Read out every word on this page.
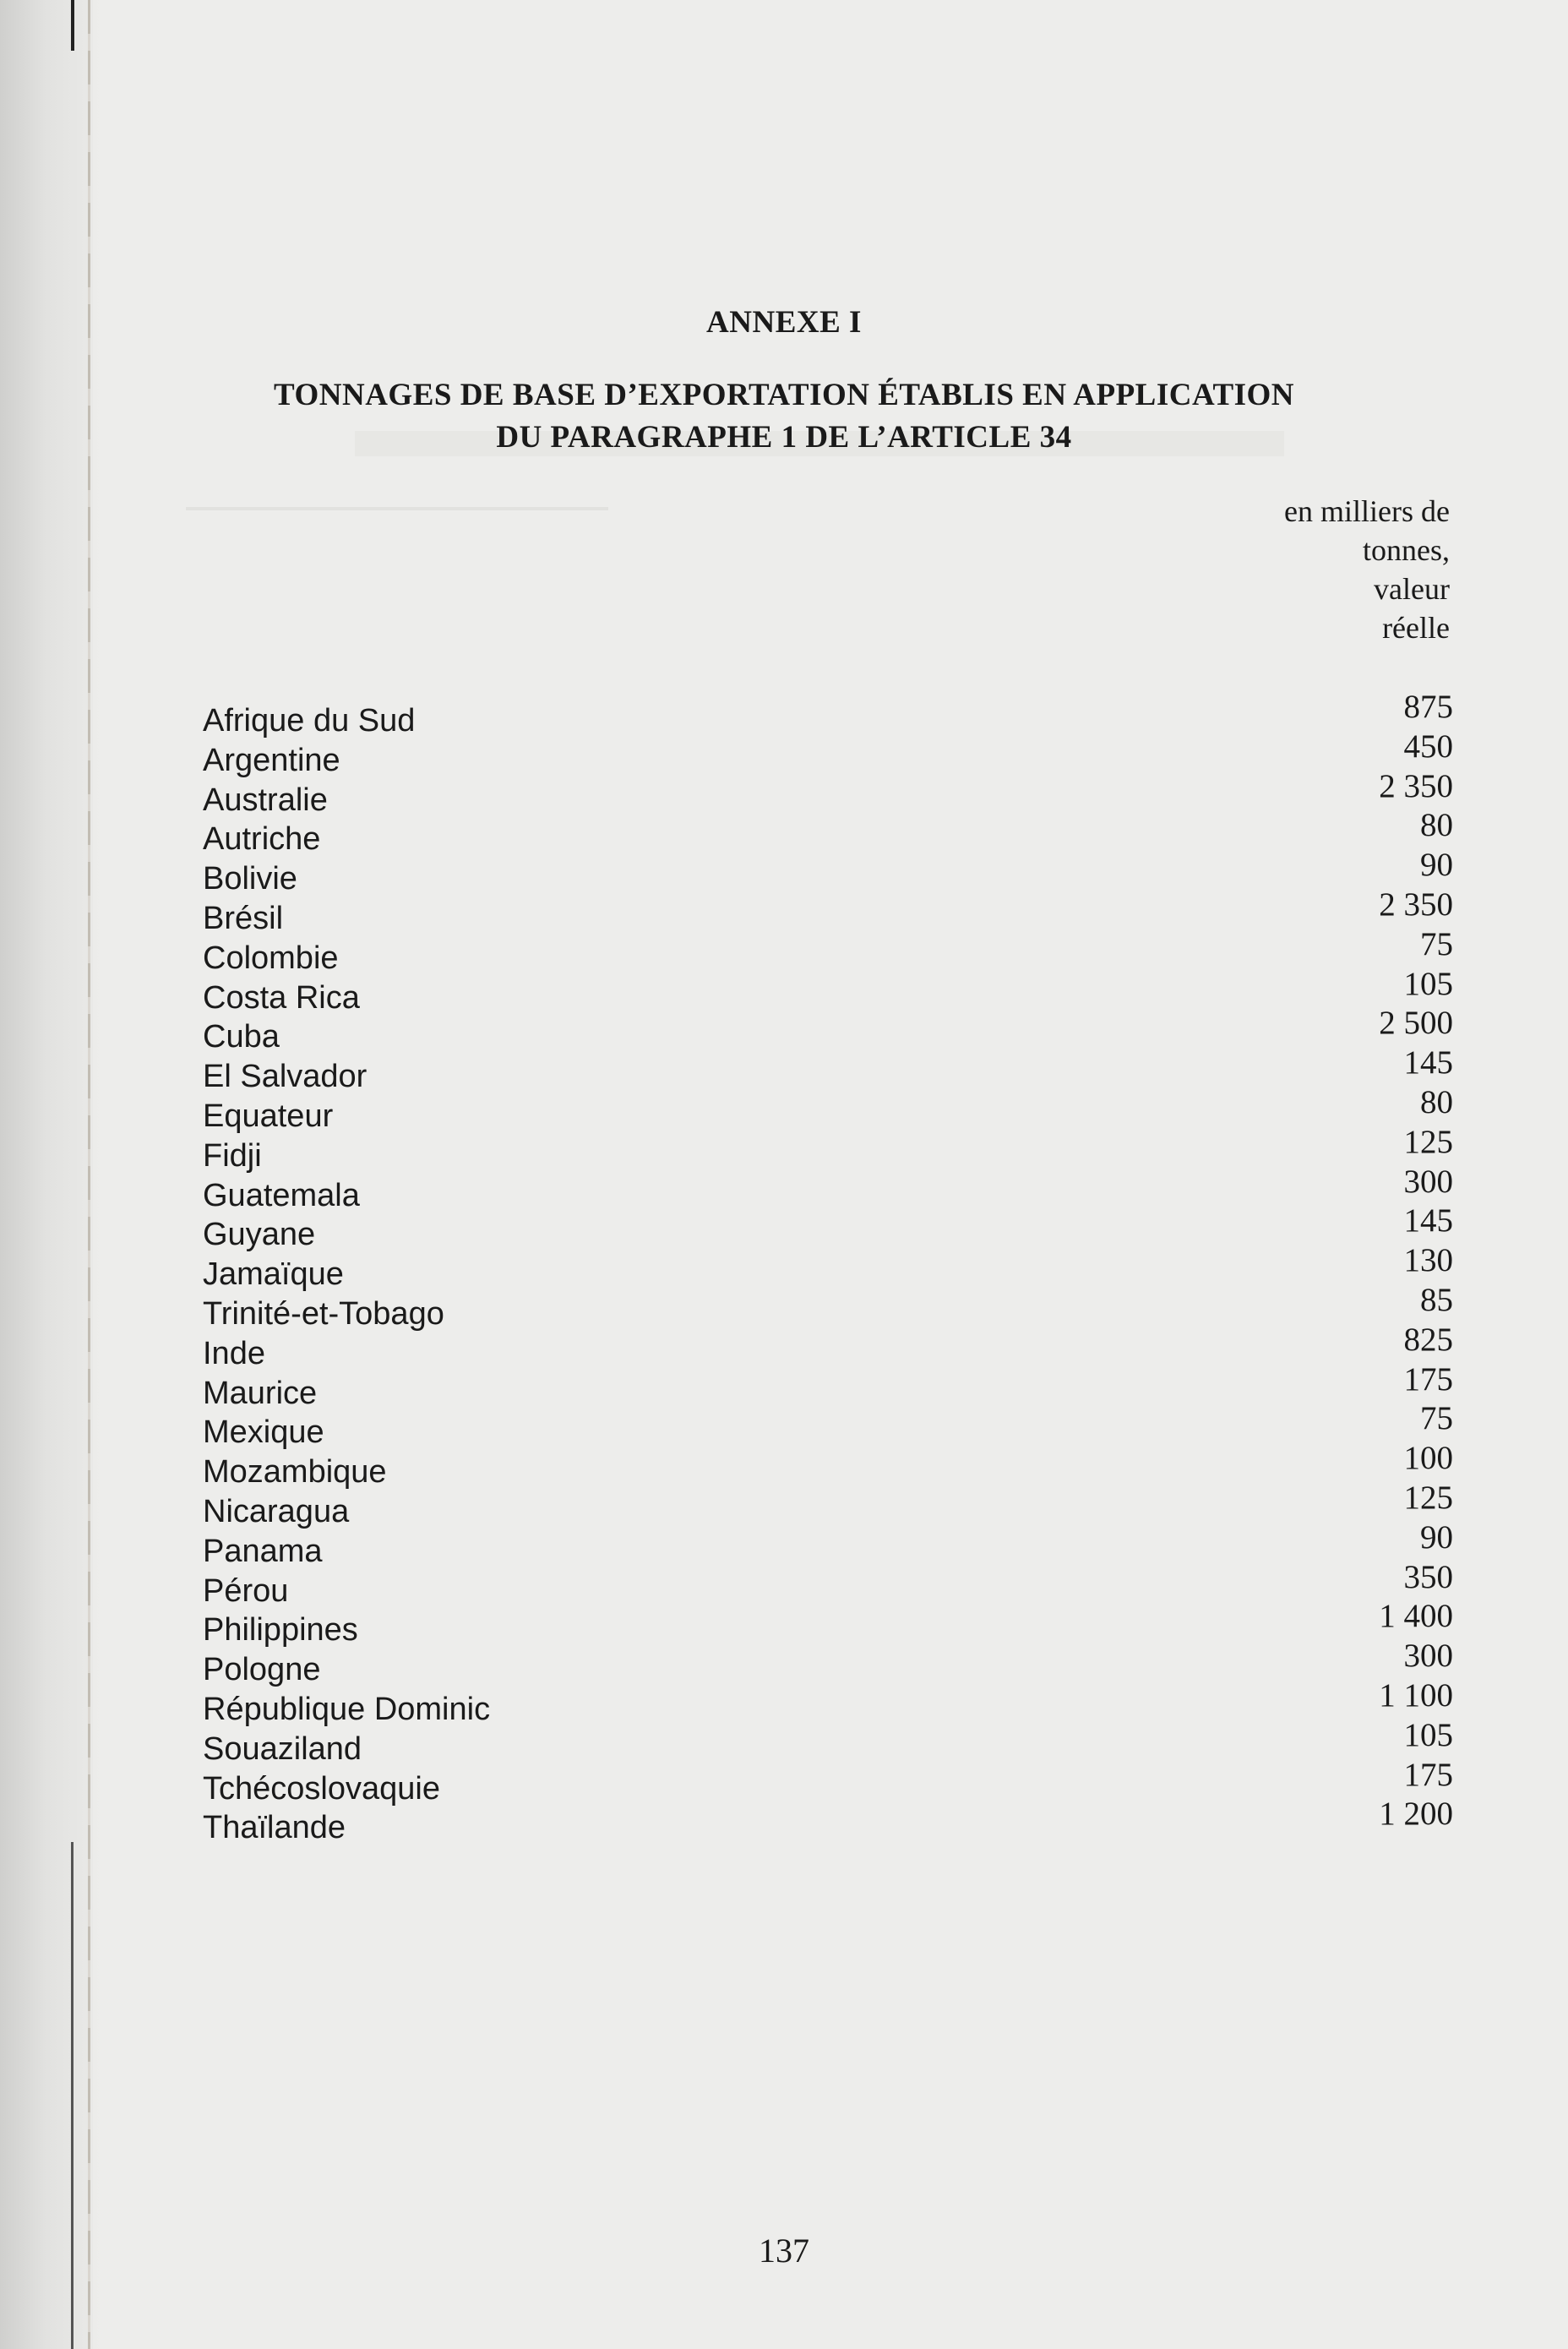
ANNEXE I
TONNAGES DE BASE D’EXPORTATION ÉTABLIS EN APPLICATION
DU PARAGRAPHE 1 DE L’ARTICLE 34
en milliers de
tonnes,
valeur
réelle
Afrique du Sud	875
Argentine	450
Australie	2 350
Autriche	80
Bolivie	90
Brésil	2 350
Colombie	75
Costa Rica	105
Cuba	2 500
El Salvador	145
Equateur	80
Fidji	125
Guatemala	300
Guyane	145
Jamaïque	130
Trinité-et-Tobago	85
Inde	825
Maurice	175
Mexique	75
Mozambique	100
Nicaragua	125
Panama	90
Pérou	350
Philippines	1 400
Pologne	300
République Dominic	1 100
Souaziland	105
Tchécoslovaquie	175
Thaïlande	1 200
137
